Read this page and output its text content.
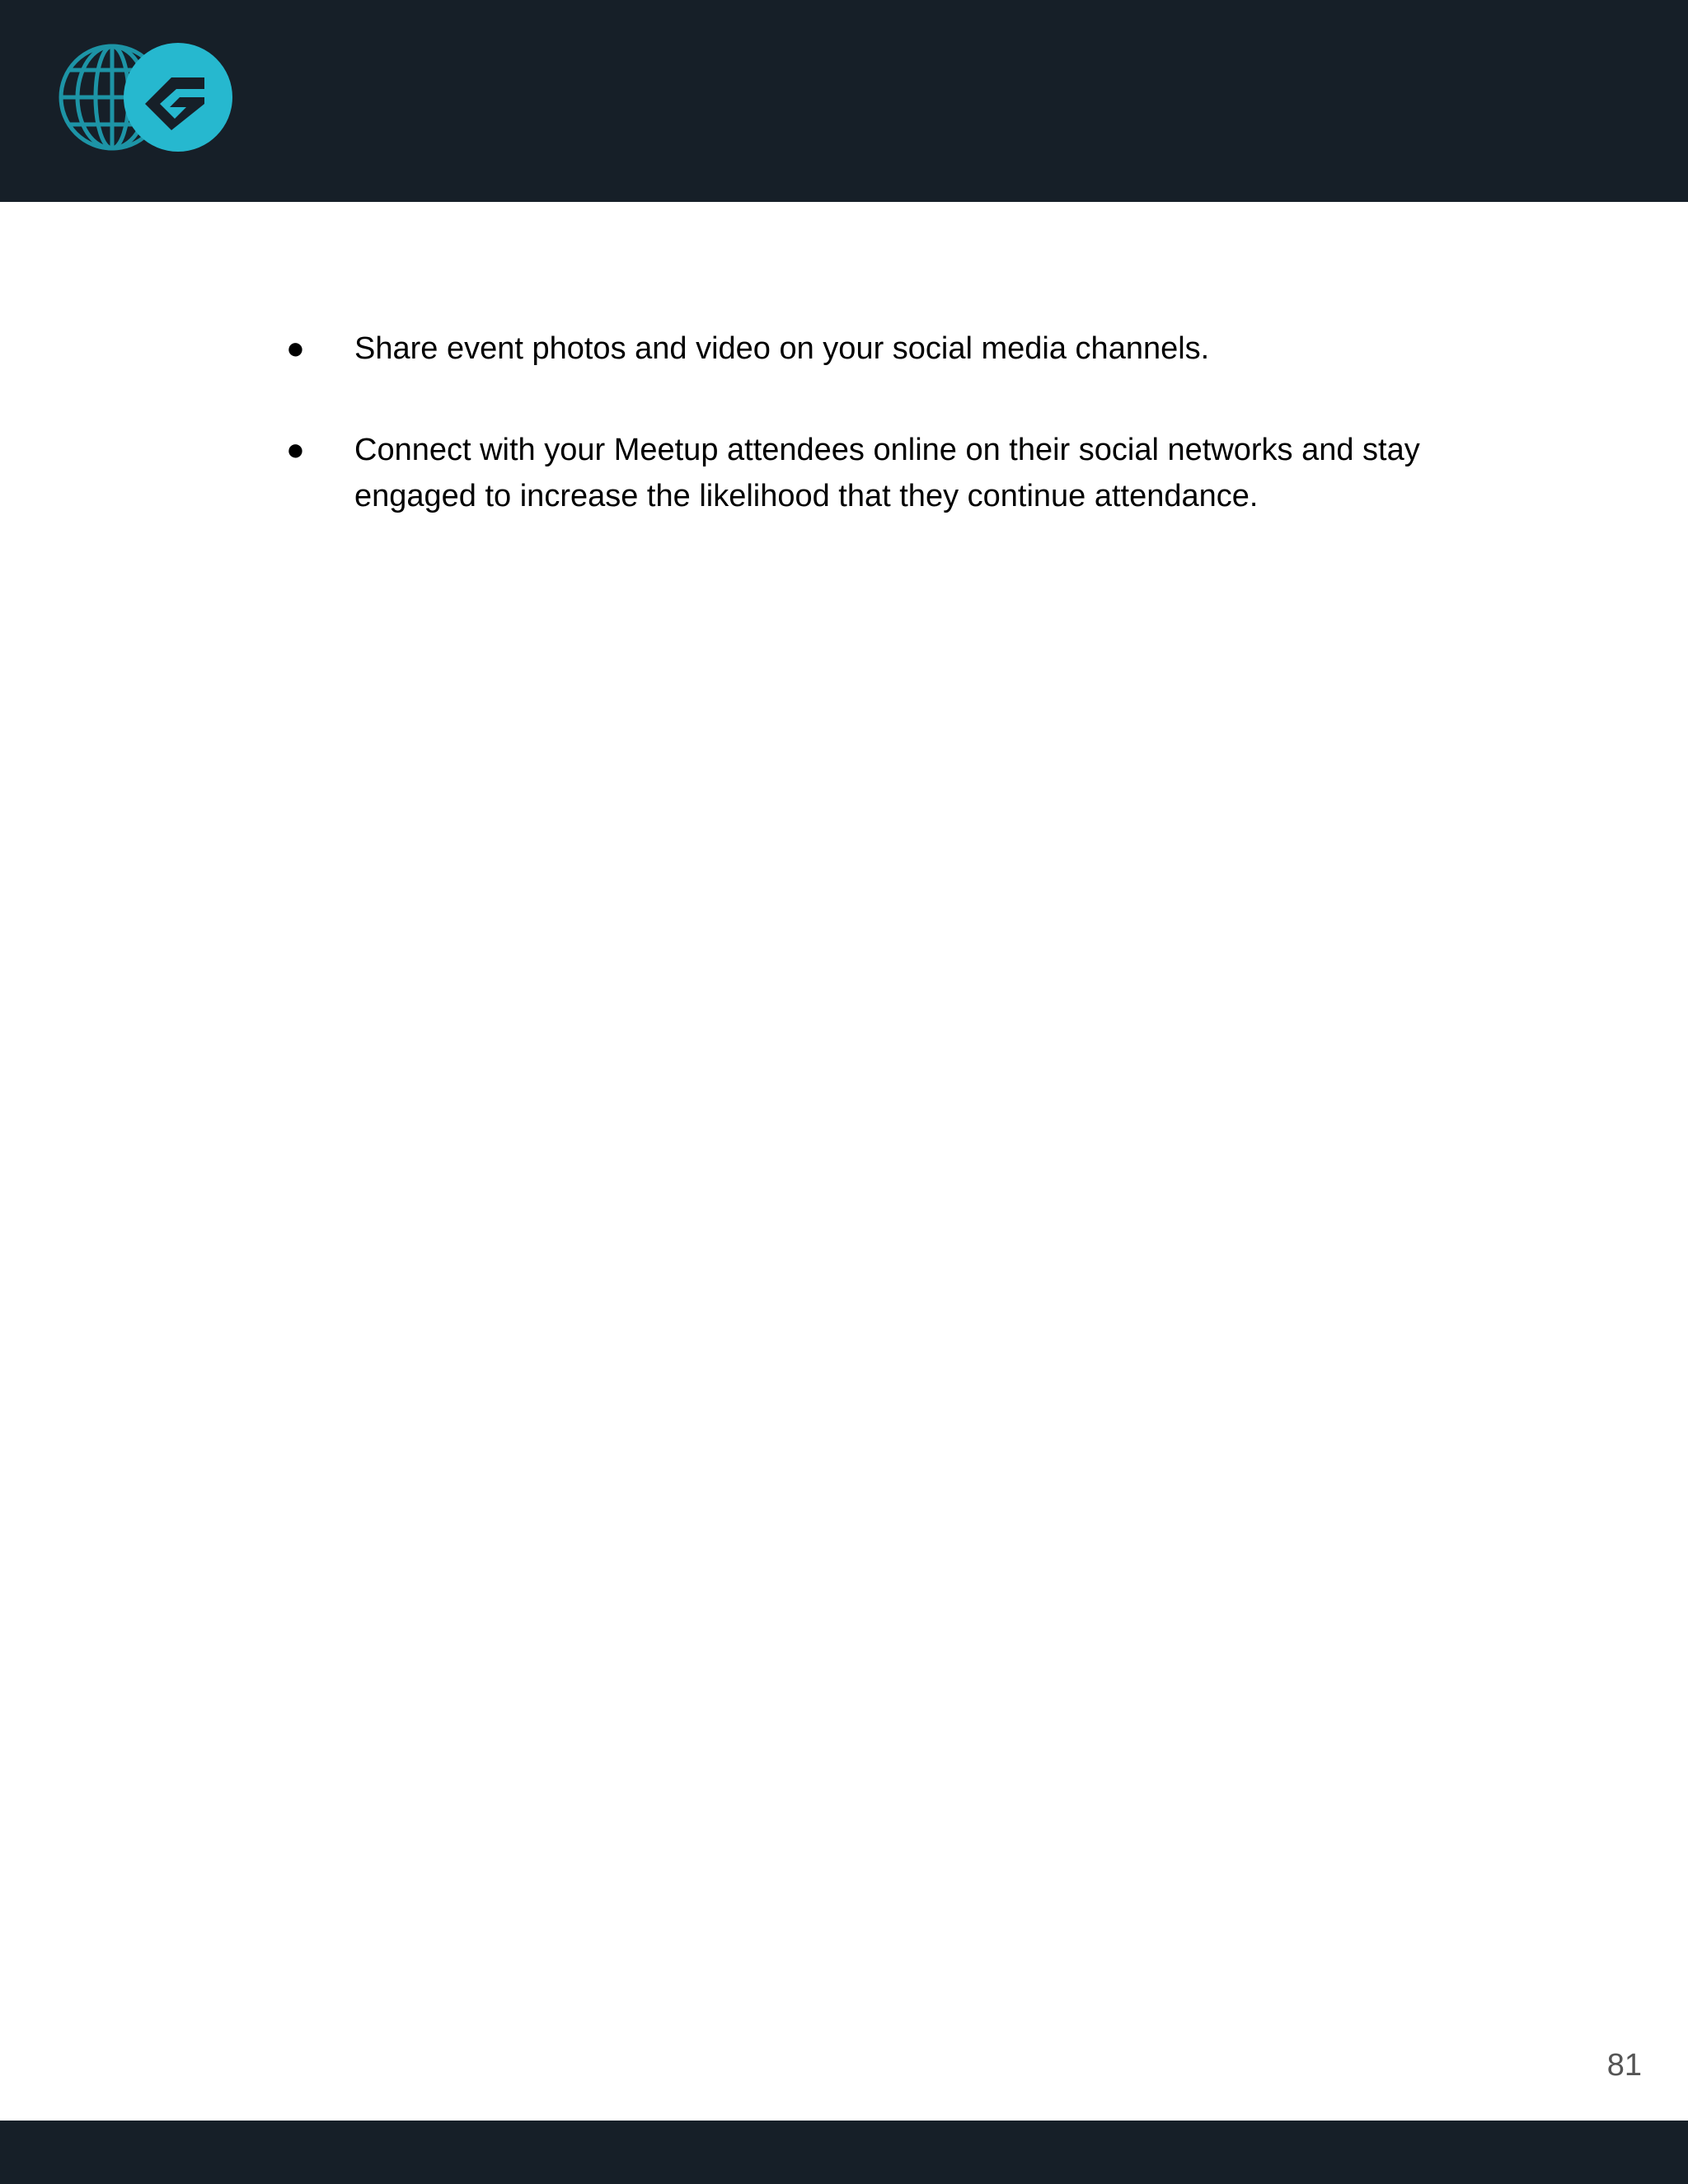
● Share event photos and video on your social media channels.
● Connect with your Meetup attendees online on their social networks and stay engaged to increase the likelihood that they continue attendance.
81
